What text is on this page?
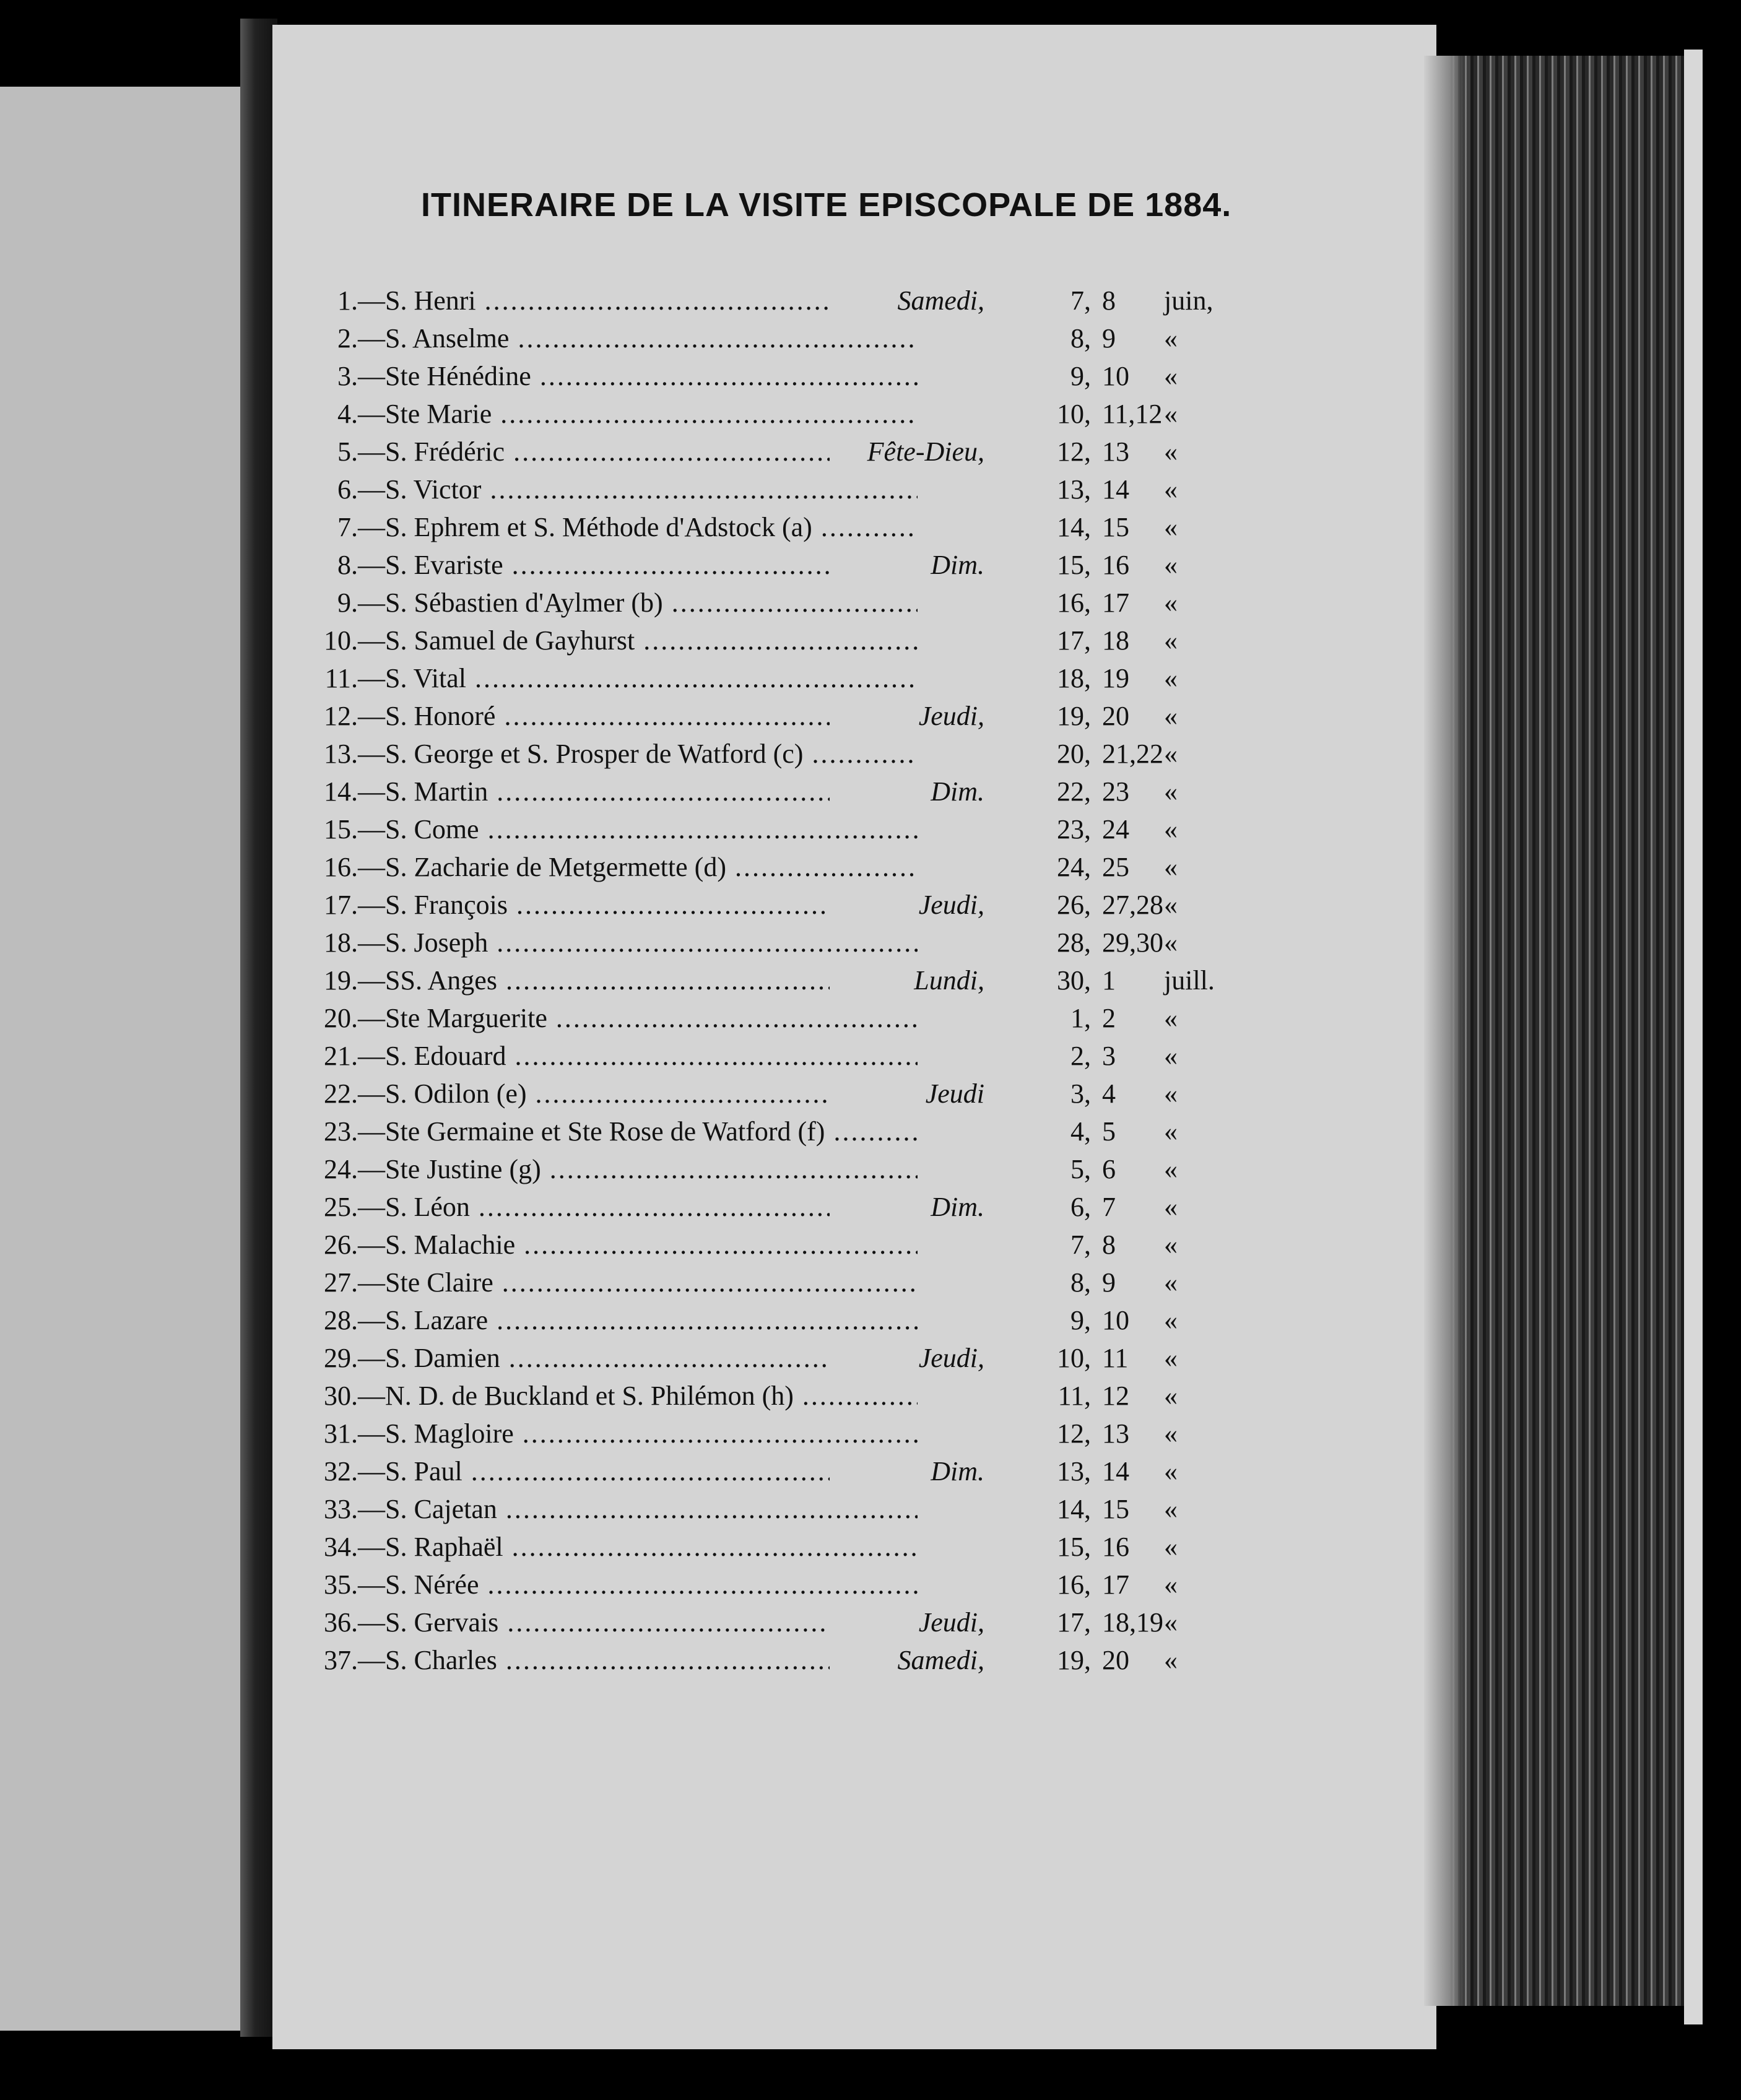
ITINERAIRE DE LA VISITE EPISCOPALE DE 1884.
1.— S. Henri .....	Samedi,	7, 8 juin,
2.— S. Anselme .....	8, 9 «
3.— Ste Hénédine .....	9, 10 «
4.— Ste Marie .....	10, 11,12 «
5.— S. Frédéric .....	Fête-Dieu,	12, 13 «
6.— S. Victor .....	13, 14 «
7.— S. Ephrem et S. Méthode d'Adstock (a) .....	14, 15 «
8.— S. Evariste .....	Dim.	15, 16 «
9.— S. Sébastien d'Aylmer (b) .....	16, 17 «
10.— S. Samuel de Gayhurst .....	17, 18 «
11.— S. Vital .....	18, 19 «
12.— S. Honoré .....	Jeudi,	19, 20 «
13.— S. George et S. Prosper de Watford (c) .....	20, 21,22 «
14.— S. Martin .....	Dim.	22, 23 «
15.— S. Come .....	23, 24 «
16.— S. Zacharie de Metgermette (d) .....	24, 25 «
17.— S. François .....	Jeudi,	26, 27,28 «
18.— S. Joseph .....	28, 29,30 «
19.— SS. Anges .....	Lundi,	30, 1 juill.
20.— Ste Marguerite .....	1, 2 «
21.— S. Edouard .....	2, 3 «
22.— S. Odilon (e) .....	Jeudi	3, 4 «
23.— Ste Germaine et Ste Rose de Watford (f) .....	4, 5 «
24.— Ste Justine (g) .....	5, 6 «
25.— S. Léon .....	Dim.	6, 7 «
26.— S. Malachie .....	7, 8 «
27.— Ste Claire .....	8, 9 «
28.— S. Lazare .....	9, 10 «
29.— S. Damien .....	Jeudi,	10, 11 «
30.— N. D. de Buckland et S. Philémon (h) .....	11, 12 «
31.— S. Magloire .....	12, 13 «
32.— S. Paul .....	Dim.	13, 14 «
33.— S. Cajetan .....	14, 15 «
34.— S. Raphaël .....	15, 16 «
35.— S. Nérée .....	16, 17 «
36.— S. Gervais .....	Jeudi,	17, 18,19 «
37.— S. Charles .....	Samedi,	19, 20 «
